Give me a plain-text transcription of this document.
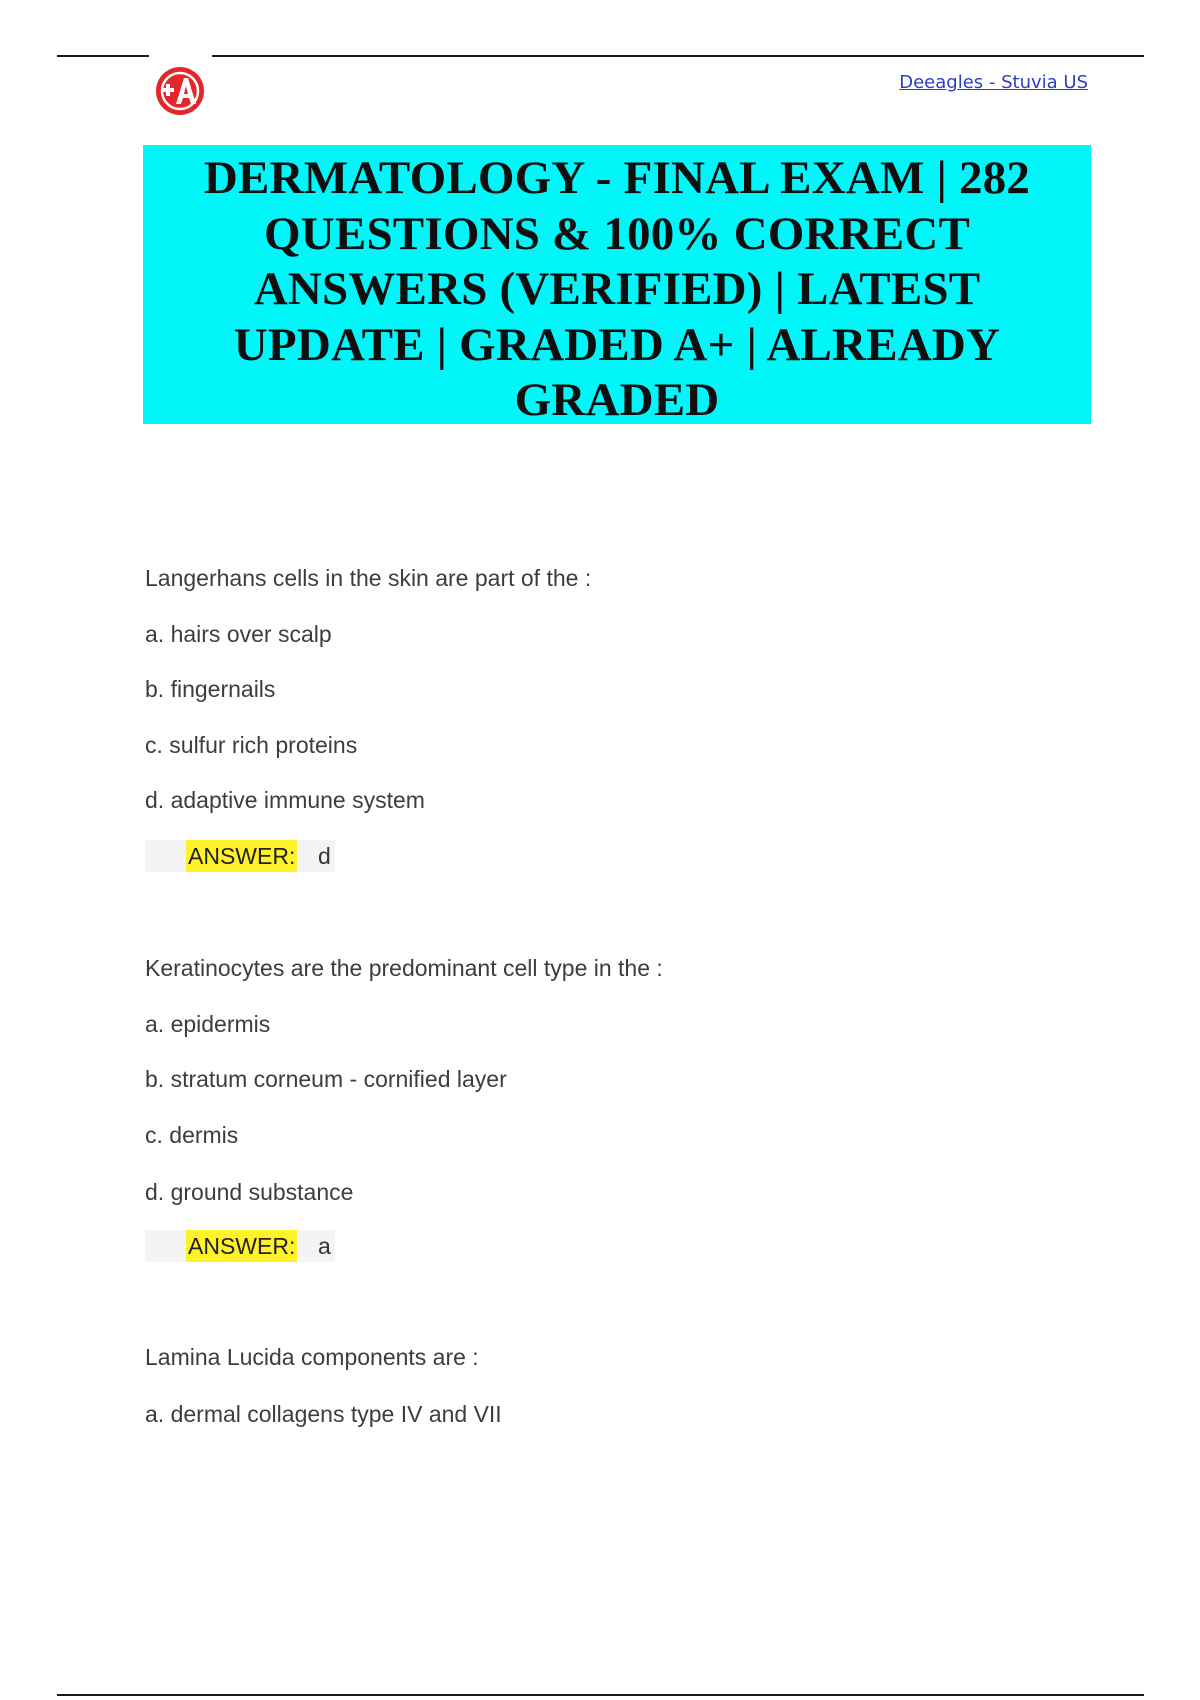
Deeagles - Stuvia US

DERMATOLOGY - FINAL EXAM | 282 QUESTIONS & 100% CORRECT ANSWERS (VERIFIED) | LATEST UPDATE | GRADED A+ | ALREADY GRADED

Langerhans cells in the skin are part of the :
a. hairs over scalp
b. fingernails
c. sulfur rich proteins
d. adaptive immune system
ANSWER: d
Keratinocytes are the predominant cell type in the :
a. epidermis
b. stratum corneum - cornified layer
c. dermis
d. ground substance
ANSWER: a
Lamina Lucida components are :
a. dermal collagens type IV and VII
